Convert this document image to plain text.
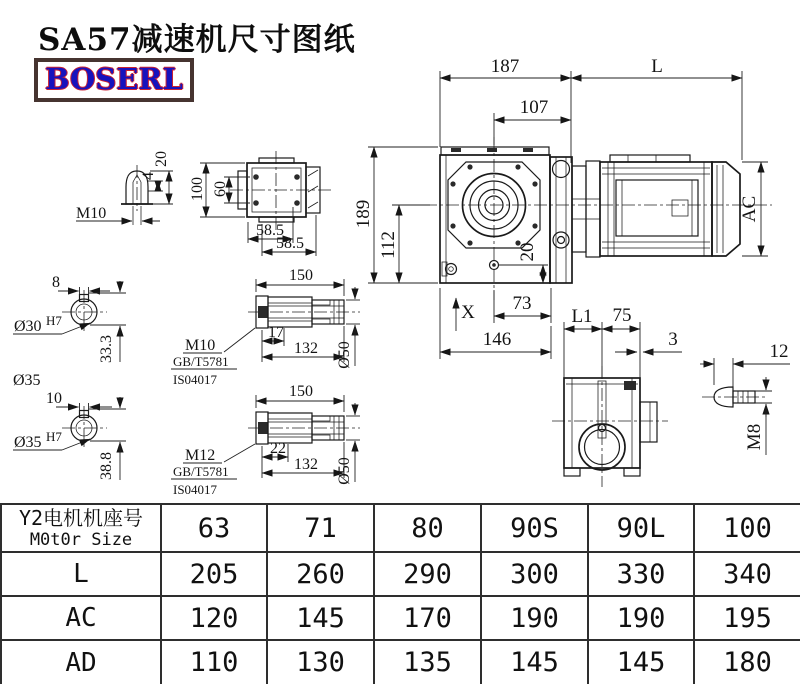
SA57减速机尺寸图纸
BOSERL
4
20
M10
100 60
58.5
58.5	20
187	L
107
189
112
AC
73
146
X	L1 75
3
12
M8
8
Ø30 H7
33.3
Ø35
150
17
132 Ø50
M10
GB/T5781
IS04017
10
Ø35 H7
38.8
150
22
132 Ø50
M12
GB/T5781
IS04017
Y2电机机座号
M0t0r Size	63	71	80	90S	90L	100
L	205	260	290	300	330	340
AC	120	145	170	190	190	195
AD	110	130	135	145	145	180
